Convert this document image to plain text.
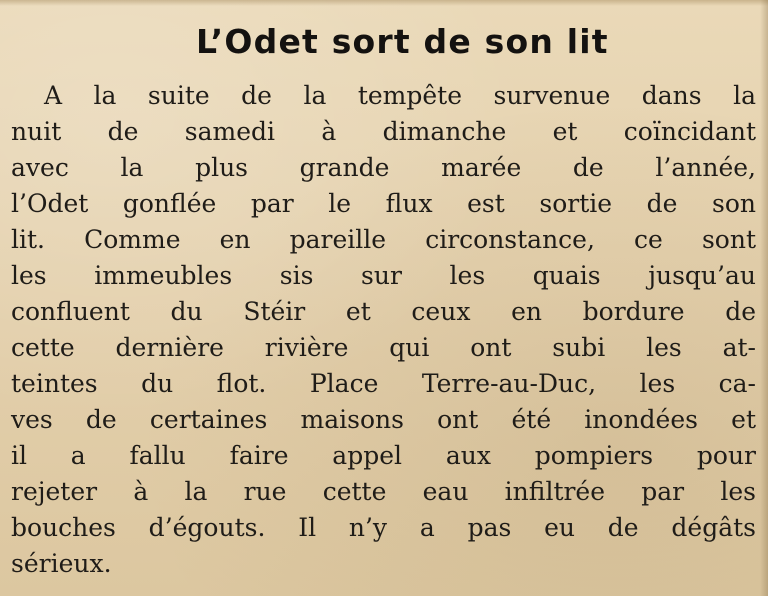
L’Odet sort de son lit
A la suite de la tempête survenue dans la
nuit de samedi à dimanche et coïncidant
avec la plus grande marée de l’année,
l’Odet gonflée par le flux est sortie de son
lit. Comme en pareille circonstance, ce sont
les immeubles sis sur les quais jusqu’au
confluent du Stéir et ceux en bordure de
cette dernière rivière qui ont subi les at-
teintes du flot. Place Terre-au-Duc, les ca-
ves de certaines maisons ont été inondées et
il a fallu faire appel aux pompiers pour
rejeter à la rue cette eau infiltrée par les
bouches d’égouts. Il n’y a pas eu de dégâts
sérieux.
